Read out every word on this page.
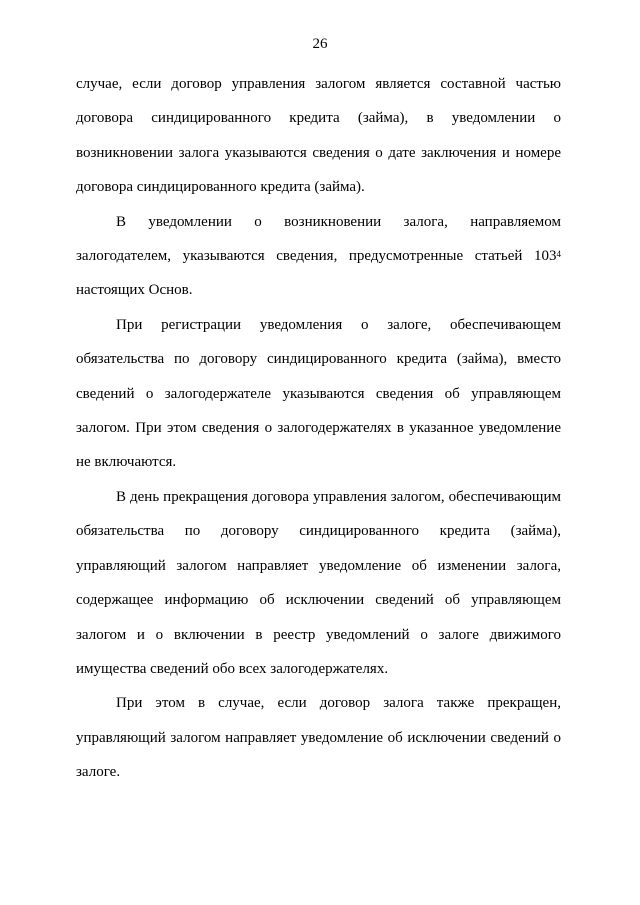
26

случае, если договор управления залогом является составной частью договора синдицированного кредита (займа), в уведомлении о возникновении залога указываются сведения о дате заключения и номере договора синдицированного кредита (займа).

В уведомлении о возникновении залога, направляемом залогодателем, указываются сведения, предусмотренные статьей $103^4$ настоящих Основ.

При регистрации уведомления о залоге, обеспечивающем обязательства по договору синдицированного кредита (займа), вместо сведений о залогодержателе указываются сведения об управляющем залогом. При этом сведения о залогодержателях в указанное уведомление не включаются.

В день прекращения договора управления залогом, обеспечивающим обязательства по договору синдицированного кредита (займа), управляющий залогом направляет уведомление об изменении залога, содержащее информацию об исключении сведений об управляющем залогом и о включении в реестр уведомлений о залоге движимого имущества сведений обо всех залогодержателях.

При этом в случае, если договор залога также прекращен, управляющий залогом направляет уведомление об исключении сведений о залоге.
